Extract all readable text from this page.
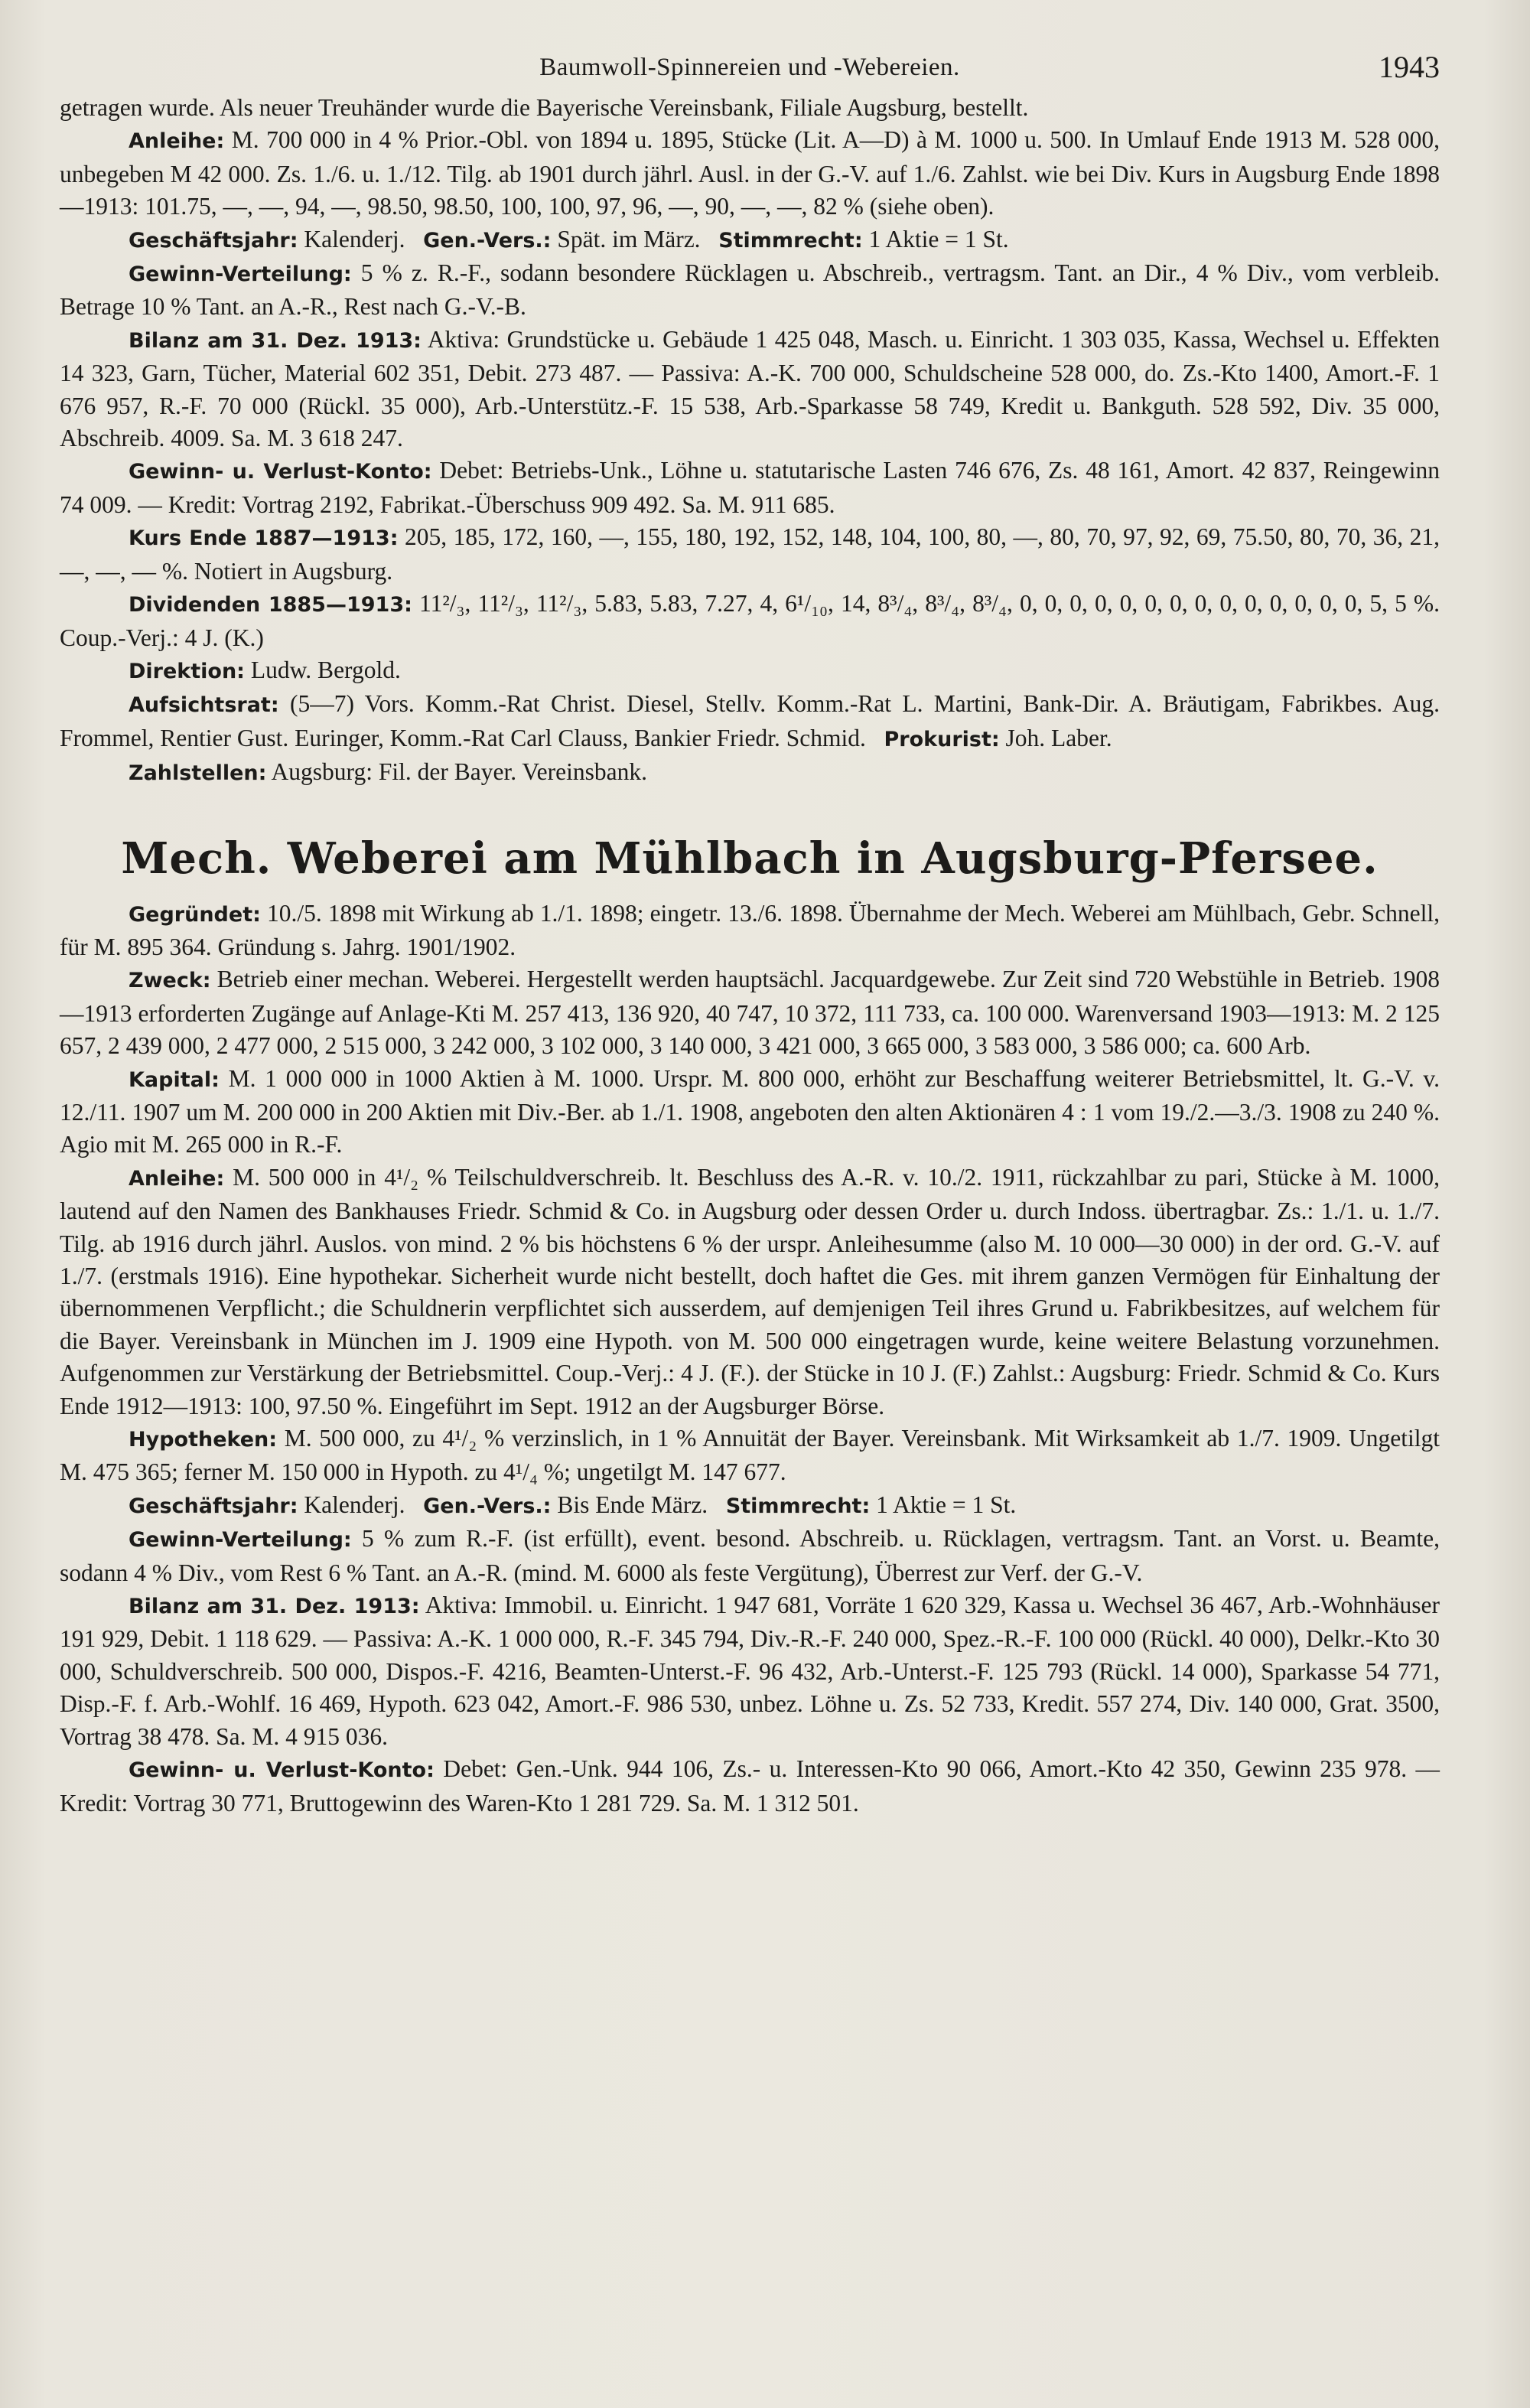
Baumwoll-Spinnereien und -Webereien.	1943

getragen wurde. Als neuer Treuhänder wurde die Bayerische Vereinsbank, Filiale Augsburg, bestellt.

Anleihe: M. 700 000 in 4 % Prior.-Obl. von 1894 u. 1895, Stücke (Lit. A—D) à M. 1000 u. 500. In Umlauf Ende 1913 M. 528 000, unbegeben M 42 000. Zs. 1./6. u. 1./12. Tilg. ab 1901 durch jährl. Ausl. in der G.-V. auf 1./6. Zahlst. wie bei Div. Kurs in Augsburg Ende 1898—1913: 101.75, —, —, 94, —, 98.50, 98.50, 100, 100, 97, 96, —, 90, —, —, 82 % (siehe oben).

Geschäftsjahr: Kalenderj. Gen.-Vers.: Spät. im März. Stimmrecht: 1 Aktie = 1 St.

Gewinn-Verteilung: 5 % z. R.-F., sodann besondere Rücklagen u. Abschreib., vertragsm. Tant. an Dir., 4 % Div., vom verbleib. Betrage 10 % Tant. an A.-R., Rest nach G.-V.-B.

Bilanz am 31. Dez. 1913: Aktiva: Grundstücke u. Gebäude 1 425 048, Masch. u. Einricht. 1 303 035, Kassa, Wechsel u. Effekten 14 323, Garn, Tücher, Material 602 351, Debit. 273 487. — Passiva: A.-K. 700 000, Schuldscheine 528 000, do. Zs.-Kto 1400, Amort.-F. 1 676 957, R.-F. 70 000 (Rückl. 35 000), Arb.-Unterstütz.-F. 15 538, Arb.-Sparkasse 58 749, Kredit u. Bankguth. 528 592, Div. 35 000, Abschreib. 4009. Sa. M. 3 618 247.

Gewinn- u. Verlust-Konto: Debet: Betriebs-Unk., Löhne u. statutarische Lasten 746 676, Zs. 48 161, Amort. 42 837, Reingewinn 74 009. — Kredit: Vortrag 2192, Fabrikat.-Überschuss 909 492. Sa. M. 911 685.

Kurs Ende 1887—1913: 205, 185, 172, 160, —, 155, 180, 192, 152, 148, 104, 100, 80, —, 80, 70, 97, 92, 69, 75.50, 80, 70, 36, 21, —, —, — %. Notiert in Augsburg.

Dividenden 1885—1913: 11²/₃, 11²/₃, 11²/₃, 5.83, 5.83, 7.27, 4, 6¹/₁₀, 14, 8³/₄, 8³/₄, 8³/₄, 0, 0, 0, 0, 0, 0, 0, 0, 0, 0, 0, 0, 0, 0, 5, 5 %. Coup.-Verj.: 4 J. (K.)

Direktion: Ludw. Bergold.

Aufsichtsrat: (5—7) Vors. Komm.-Rat Christ. Diesel, Stellv. Komm.-Rat L. Martini, Bank-Dir. A. Bräutigam, Fabrikbes. Aug. Frommel, Rentier Gust. Euringer, Komm.-Rat Carl Clauss, Bankier Friedr. Schmid. Prokurist: Joh. Laber.

Zahlstellen: Augsburg: Fil. der Bayer. Vereinsbank.

Mech. Weberei am Mühlbach in Augsburg-Pfersee.

Gegründet: 10./5. 1898 mit Wirkung ab 1./1. 1898; eingetr. 13./6. 1898. Übernahme der Mech. Weberei am Mühlbach, Gebr. Schnell, für M. 895 364. Gründung s. Jahrg. 1901/1902.

Zweck: Betrieb einer mechan. Weberei. Hergestellt werden hauptsächl. Jacquardgewebe. Zur Zeit sind 720 Webstühle in Betrieb. 1908—1913 erforderten Zugänge auf Anlage-Kti M. 257 413, 136 920, 40 747, 10 372, 111 733, ca. 100 000. Warenversand 1903—1913: M. 2 125 657, 2 439 000, 2 477 000, 2 515 000, 3 242 000, 3 102 000, 3 140 000, 3 421 000, 3 665 000, 3 583 000, 3 586 000; ca. 600 Arb.

Kapital: M. 1 000 000 in 1000 Aktien à M. 1000. Urspr. M. 800 000, erhöht zur Beschaffung weiterer Betriebsmittel, lt. G.-V. v. 12./11. 1907 um M. 200 000 in 200 Aktien mit Div.-Ber. ab 1./1. 1908, angeboten den alten Aktionären 4 : 1 vom 19./2.—3./3. 1908 zu 240 %. Agio mit M. 265 000 in R.-F.

Anleihe: M. 500 000 in 4¹/₂ % Teilschuldverschreib. lt. Beschluss des A.-R. v. 10./2. 1911, rückzahlbar zu pari, Stücke à M. 1000, lautend auf den Namen des Bankhauses Friedr. Schmid & Co. in Augsburg oder dessen Order u. durch Indoss. übertragbar. Zs.: 1./1. u. 1./7. Tilg. ab 1916 durch jährl. Auslos. von mind. 2 % bis höchstens 6 % der urspr. Anleihesumme (also M. 10 000—30 000) in der ord. G.-V. auf 1./7. (erstmals 1916). Eine hypothekar. Sicherheit wurde nicht bestellt, doch haftet die Ges. mit ihrem ganzen Vermögen für Einhaltung der übernommenen Verpflicht.; die Schuldnerin verpflichtet sich ausserdem, auf demjenigen Teil ihres Grund u. Fabrikbesitzes, auf welchem für die Bayer. Vereinsbank in München im J. 1909 eine Hypoth. von M. 500 000 eingetragen wurde, keine weitere Belastung vorzunehmen. Aufgenommen zur Verstärkung der Betriebsmittel. Coup.-Verj.: 4 J. (F.). der Stücke in 10 J. (F.) Zahlst.: Augsburg: Friedr. Schmid & Co. Kurs Ende 1912—1913: 100, 97.50 %. Eingeführt im Sept. 1912 an der Augsburger Börse.

Hypotheken: M. 500 000, zu 4¹/₂ % verzinslich, in 1 % Annuität der Bayer. Vereinsbank. Mit Wirksamkeit ab 1./7. 1909. Ungetilgt M. 475 365; ferner M. 150 000 in Hypoth. zu 4¹/₄ %; ungetilgt M. 147 677.

Geschäftsjahr: Kalenderj. Gen.-Vers.: Bis Ende März. Stimmrecht: 1 Aktie = 1 St.

Gewinn-Verteilung: 5 % zum R.-F. (ist erfüllt), event. besond. Abschreib. u. Rücklagen, vertragsm. Tant. an Vorst. u. Beamte, sodann 4 % Div., vom Rest 6 % Tant. an A.-R. (mind. M. 6000 als feste Vergütung), Überrest zur Verf. der G.-V.

Bilanz am 31. Dez. 1913: Aktiva: Immobil. u. Einricht. 1 947 681, Vorräte 1 620 329, Kassa u. Wechsel 36 467, Arb.-Wohnhäuser 191 929, Debit. 1 118 629. — Passiva: A.-K. 1 000 000, R.-F. 345 794, Div.-R.-F. 240 000, Spez.-R.-F. 100 000 (Rückl. 40 000), Delkr.-Kto 30 000, Schuldverschreib. 500 000, Dispos.-F. 4216, Beamten-Unterst.-F. 96 432, Arb.-Unterst.-F. 125 793 (Rückl. 14 000), Sparkasse 54 771, Disp.-F. f. Arb.-Wohlf. 16 469, Hypoth. 623 042, Amort.-F. 986 530, unbez. Löhne u. Zs. 52 733, Kredit. 557 274, Div. 140 000, Grat. 3500, Vortrag 38 478. Sa. M. 4 915 036.

Gewinn- u. Verlust-Konto: Debet: Gen.-Unk. 944 106, Zs.- u. Interessen-Kto 90 066, Amort.-Kto 42 350, Gewinn 235 978. — Kredit: Vortrag 30 771, Bruttogewinn des Waren-Kto 1 281 729. Sa. M. 1 312 501.
